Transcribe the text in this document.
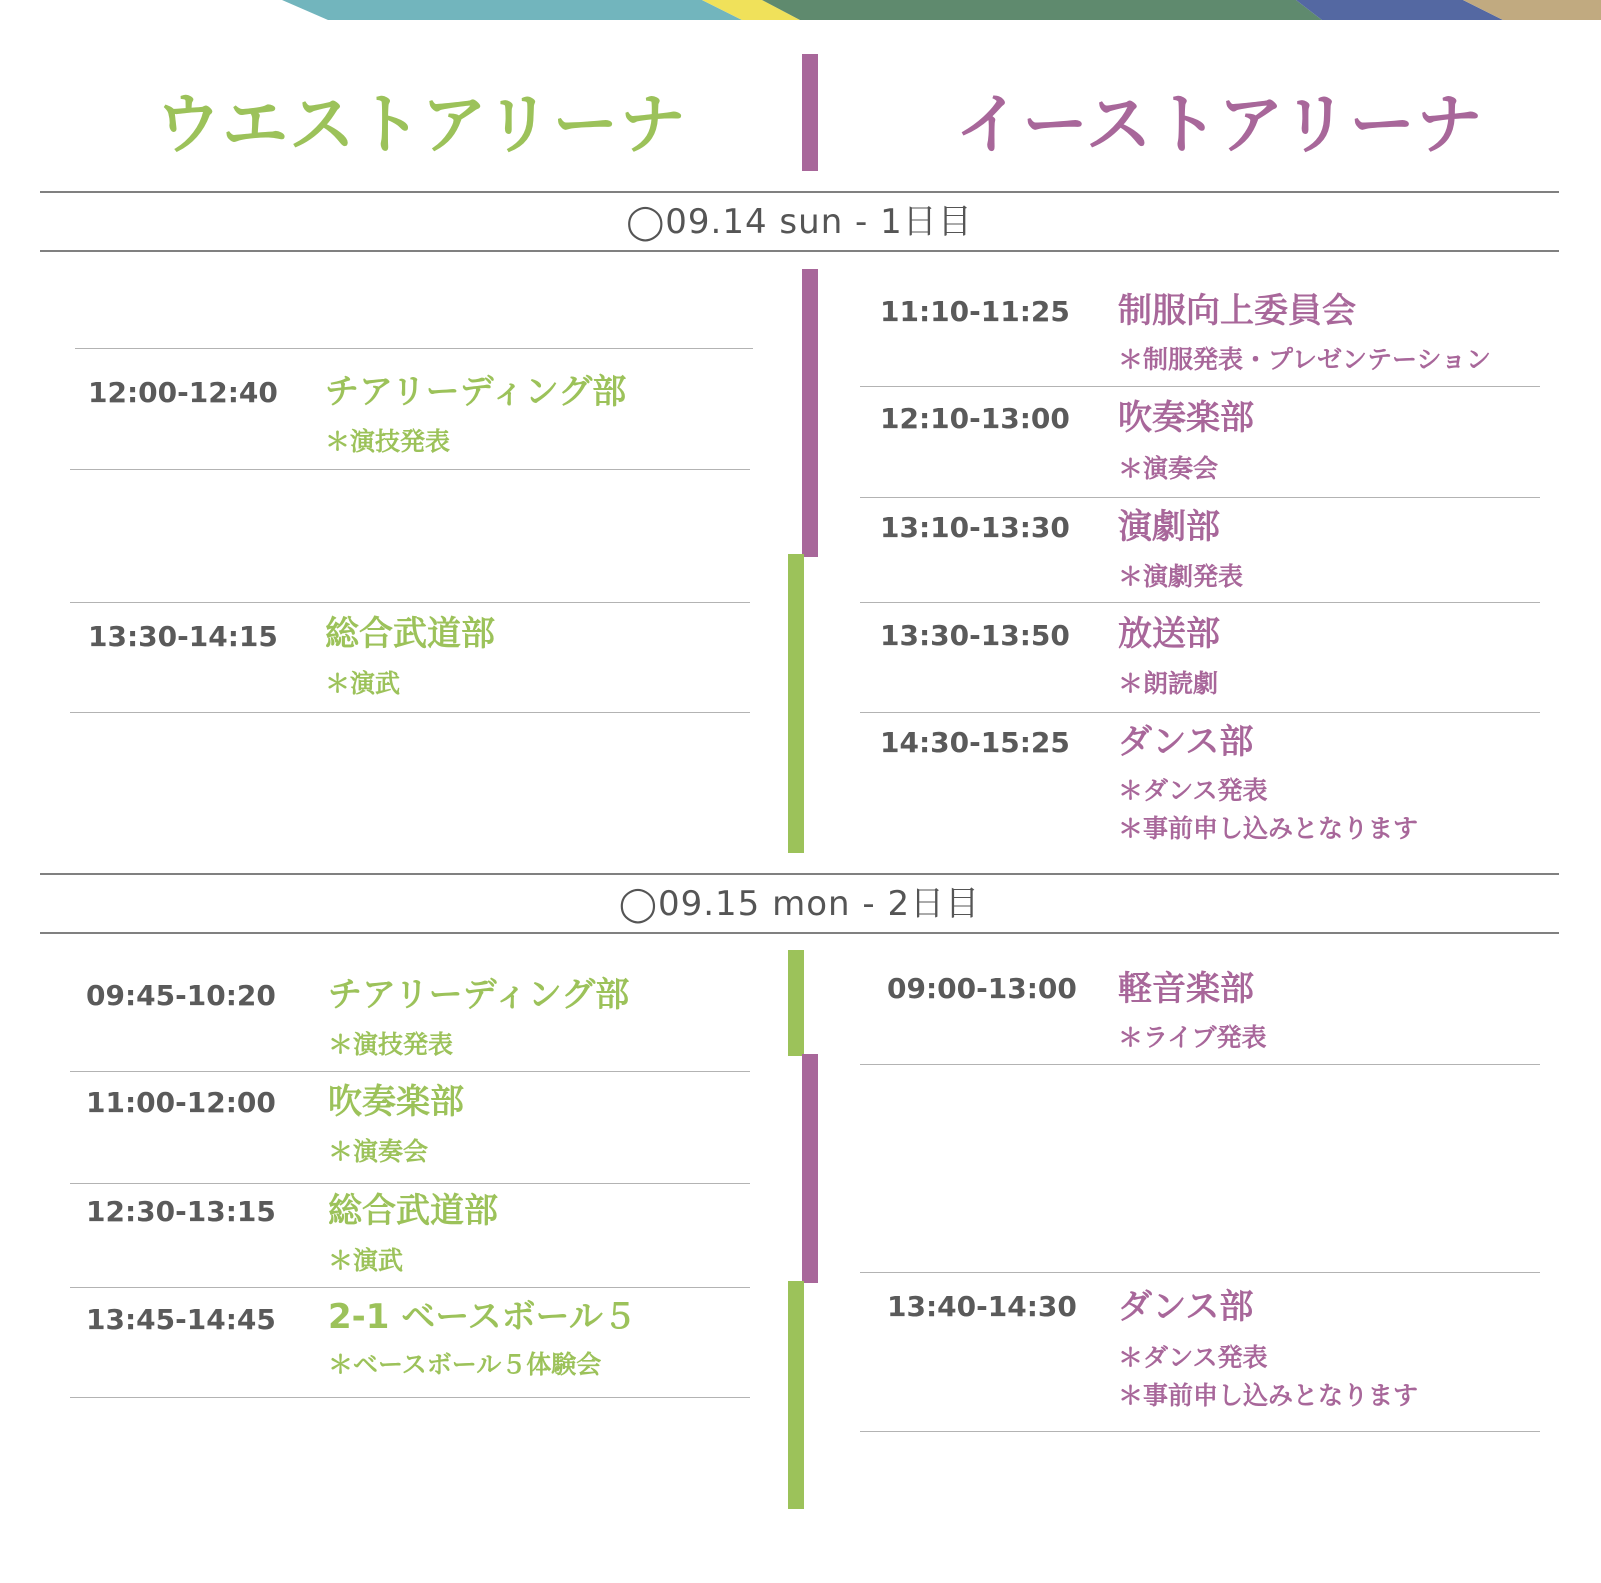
ウエストアリーナ	イーストアリーナ
◯09.14 sun - 1日目
12:00-12:40 チアリーディング部
＊演技発表
13:30-14:15 総合武道部
＊演武
11:10-11:25 制服向上委員会
＊制服発表・プレゼンテーション
12:10-13:00 吹奏楽部
＊演奏会
13:10-13:30 演劇部
＊演劇発表
13:30-13:50 放送部
＊朗読劇
14:30-15:25 ダンス部
＊ダンス発表
＊事前申し込みとなります
◯09.15 mon - 2日目
09:45-10:20 チアリーディング部
＊演技発表
11:00-12:00 吹奏楽部
＊演奏会
12:30-13:15 総合武道部
＊演武
13:45-14:45 2-1 ベースボール５
＊ベースボール５体験会
09:00-13:00 軽音楽部
＊ライブ発表
13:40-14:30 ダンス部
＊ダンス発表
＊事前申し込みとなります
